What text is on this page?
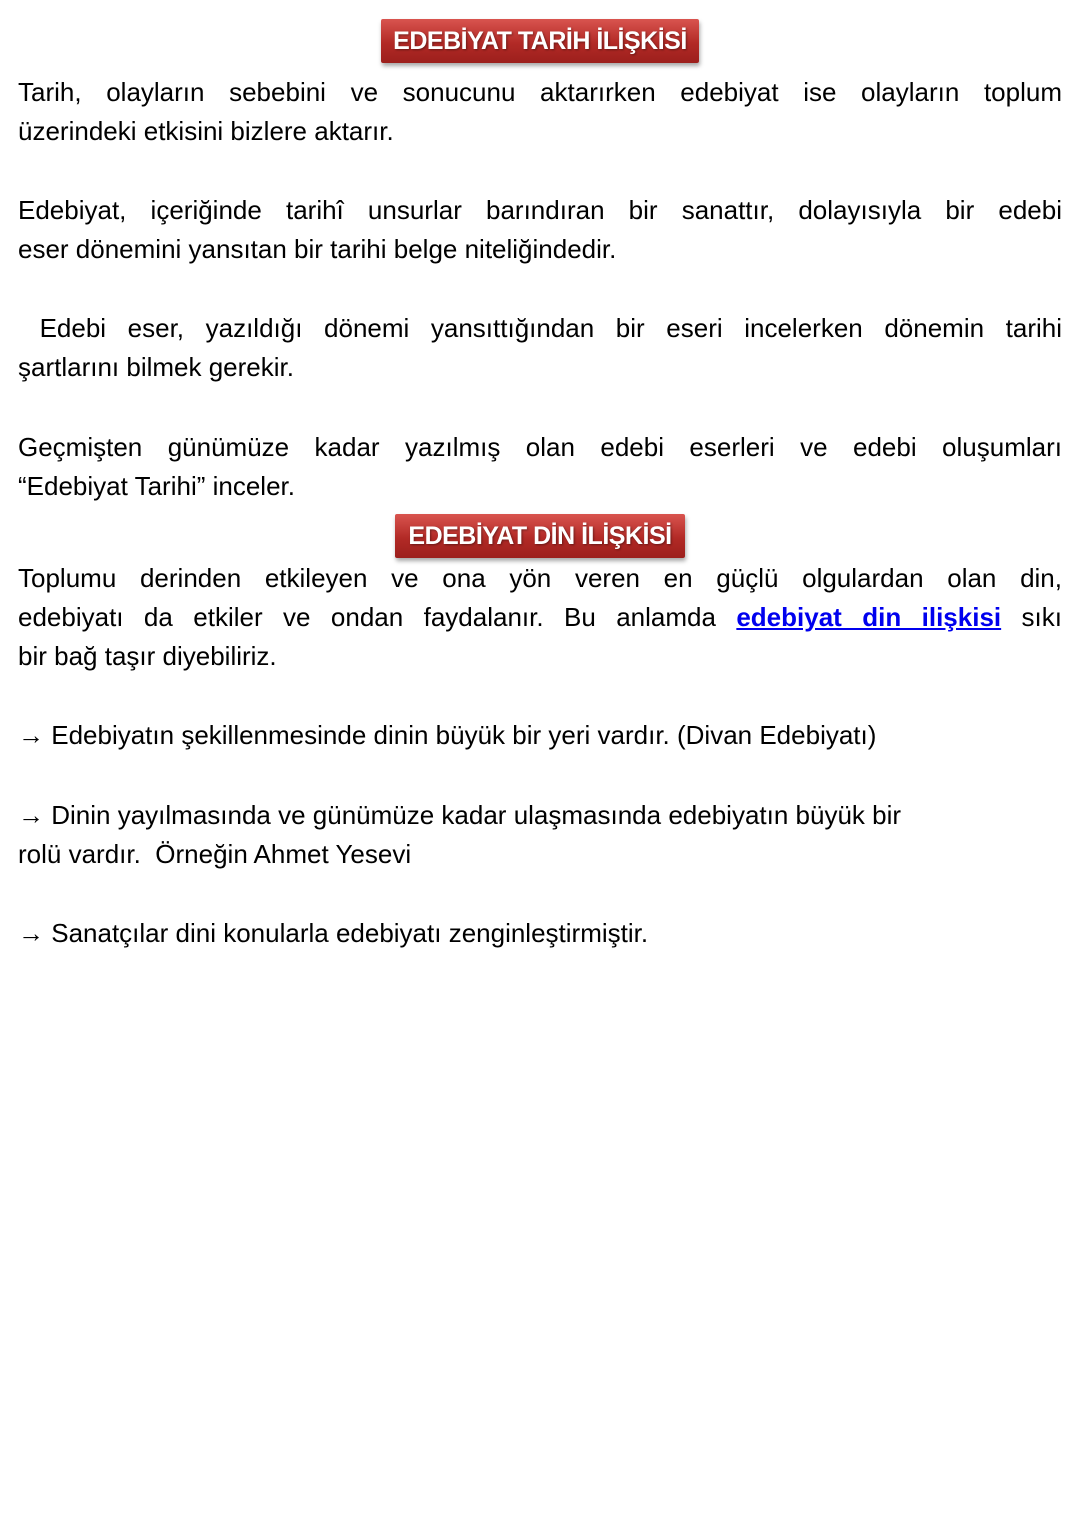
EDEBİYAT TARİH İLİŞKİSİ
Tarih, olayların sebebini ve sonucunu aktarırken edebiyat ise olayların toplum
üzerindeki etkisini bizlere aktarır.
Edebiyat, içeriğinde tarihî unsurlar barındıran bir sanattır, dolayısıyla bir edebi
eser dönemini yansıtan bir tarihi belge niteliğindedir.
Edebi eser, yazıldığı dönemi yansıttığından bir eseri incelerken dönemin tarihi
şartlarını bilmek gerekir.
Geçmişten günümüze kadar yazılmış olan edebi eserleri ve edebi oluşumları
“Edebiyat Tarihi” inceler.
EDEBİYAT DİN İLİŞKİSİ
Toplumu derinden etkileyen ve ona yön veren en güçlü olgulardan olan din,
edebiyatı da etkiler ve ondan faydalanır. Bu anlamda edebiyat din ilişkisi sıkı
bir bağ taşır diyebiliriz.
→ Edebiyatın şekillenmesinde dinin büyük bir yeri vardır. (Divan Edebiyatı)
→ Dinin yayılmasında ve günümüze kadar ulaşmasında edebiyatın büyük bir
rolü vardır.  Örneğin Ahmet Yesevi
→ Sanatçılar dini konularla edebiyatı zenginleştirmiştir.
